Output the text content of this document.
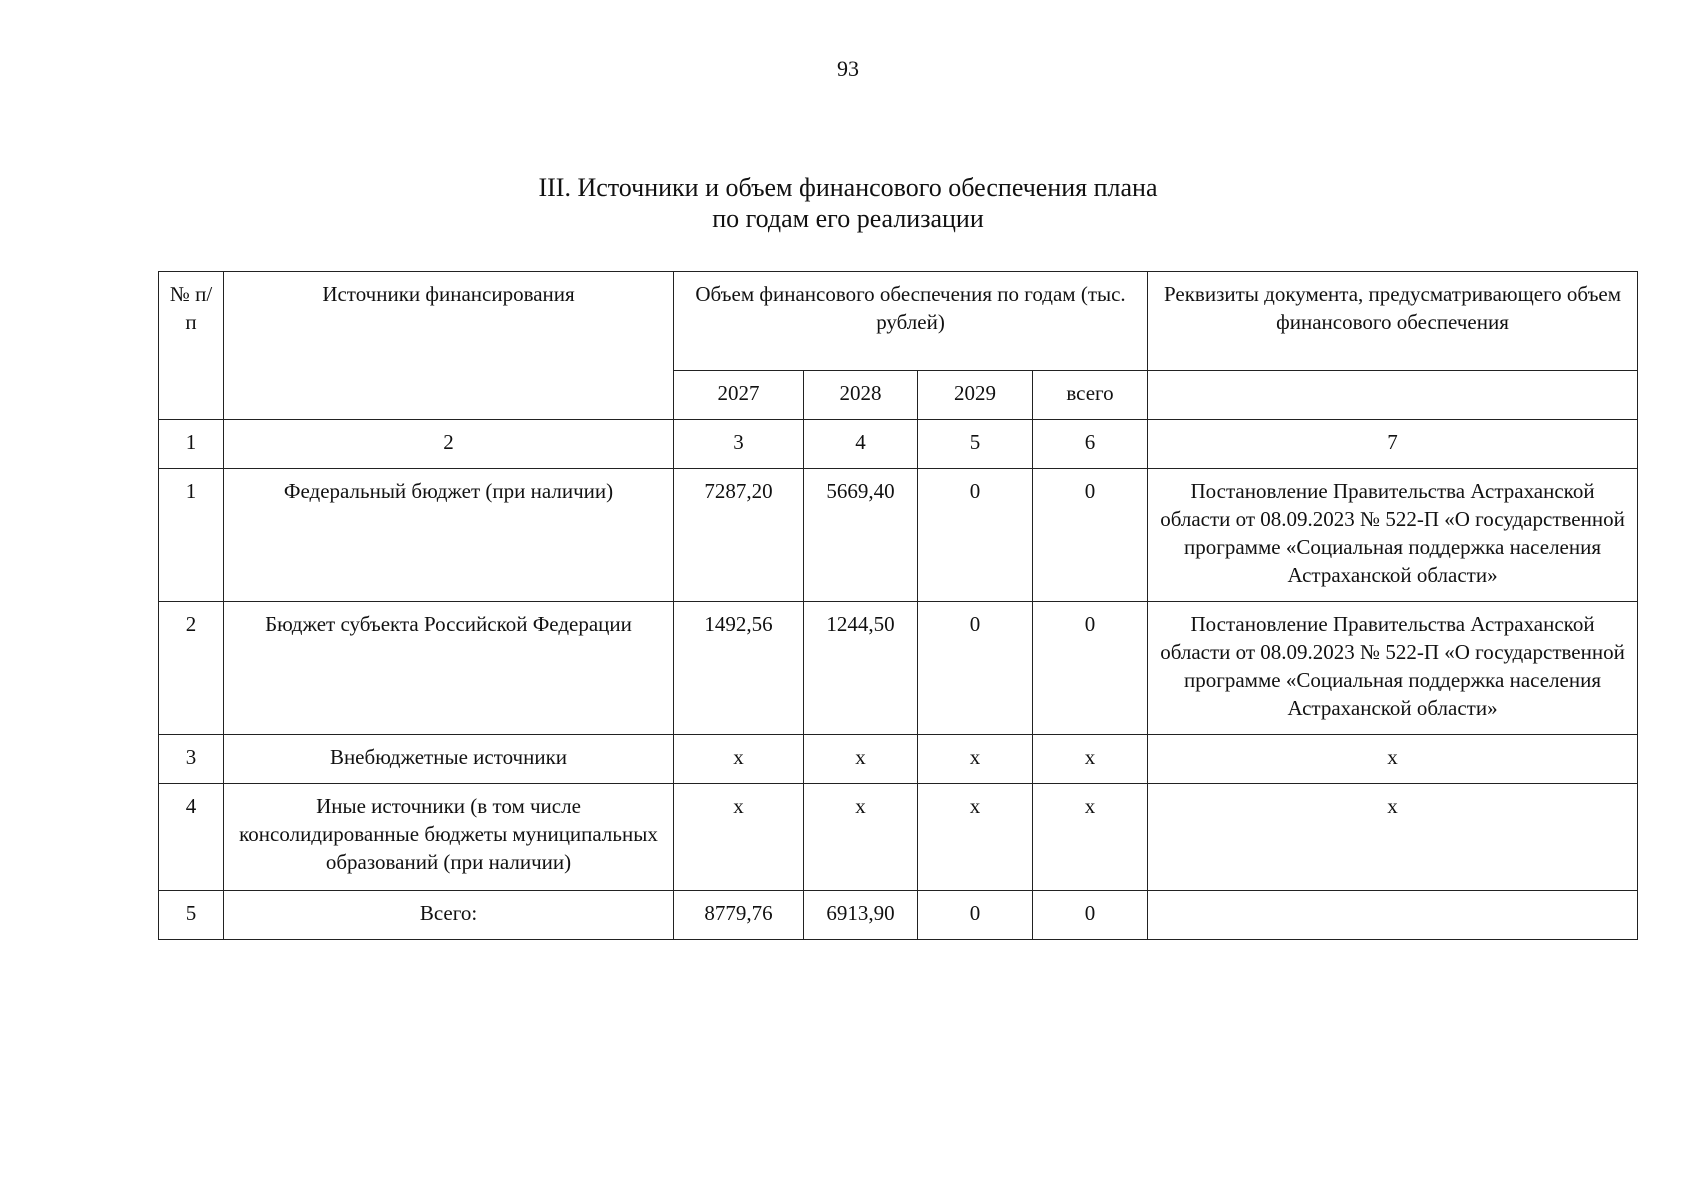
93
III. Источники и объем финансового обеспечения плана
по годам его реализации
№ п/п	Источники финансирования	Объем финансового обеспечения по годам (тыс. рублей)				Реквизиты документа, предусматривающего объем финансового обеспечения
		2027	2028	2029	всего	
1	2	3	4	5	6	7
1	Федеральный бюджет (при наличии)	7287,20	5669,40	0	0	Постановление Правительства Астраханской области от 08.09.2023 № 522-П «О государственной программе «Социальная поддержка населения Астраханской области»
2	Бюджет субъекта Российской Федерации	1492,56	1244,50	0	0	Постановление Правительства Астраханской области от 08.09.2023 № 522-П «О государственной программе «Социальная поддержка населения Астраханской области»
3	Внебюджетные источники	х	х	х	х	х
4	Иные источники (в том числе консолидированные бюджеты муниципальных образований (при наличии)	х	х	х	х	х
5	Всего:	8779,76	6913,90	0	0	
